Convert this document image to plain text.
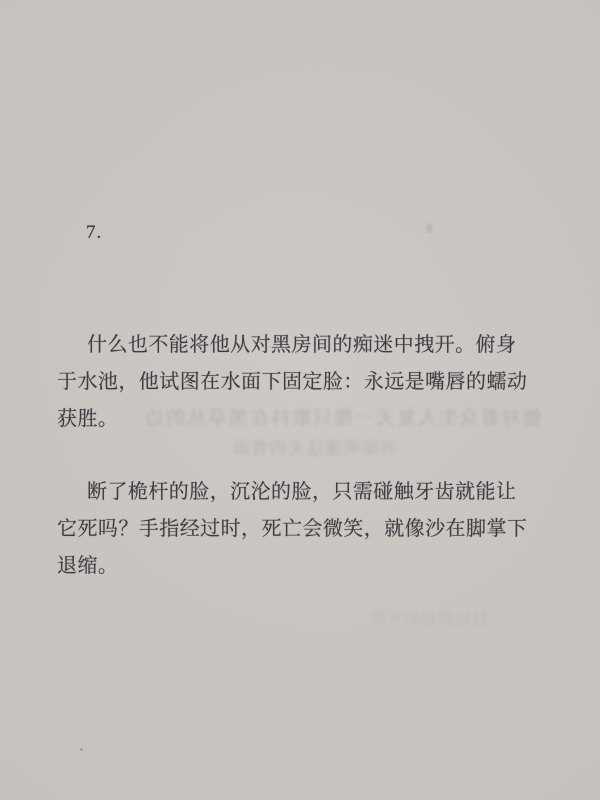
7.	8
什么也不能将他从对黑房间的痴迷中拽开。俯身
于水池，他试图在水面下固定脸：永远是嘴唇的蠕动
获胜。
断了桅杆的脸，沉沦的脸，只需碰触牙齿就能让
它死吗？手指经过时，死亡会微笑，就像沙在脚掌下
退缩。
他对着众生人复天一像只歌抖在黑草丛的边
书端明递这天的背面
轻轻掠起的灰影
